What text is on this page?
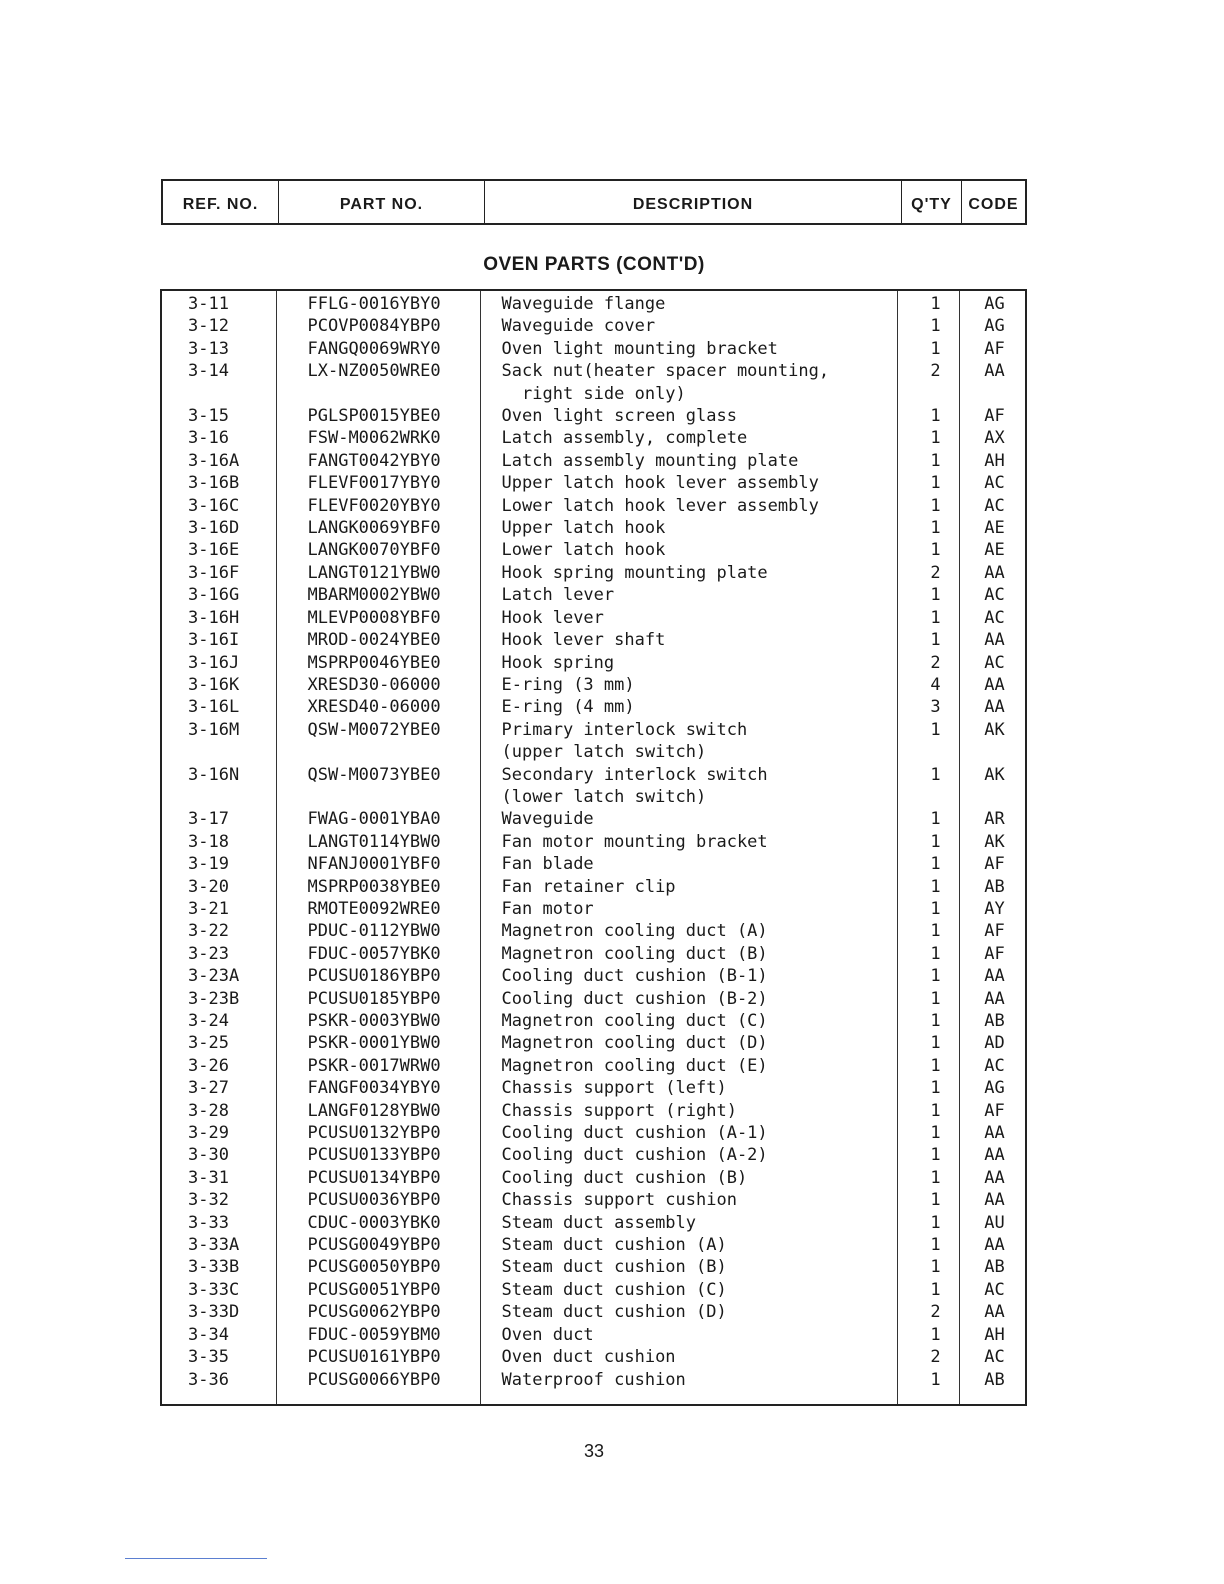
REF. NO.	PART NO.	DESCRIPTION	Q'TY	CODE
OVEN PARTS (CONT'D)
3-11	FFLG-0016YBY0	Waveguide flange	1	AG
3-12	PCOVP0084YBP0	Waveguide cover	1	AG
3-13	FANGQ0069WRY0	Oven light mounting bracket	1	AF
3-14	LX-NZ0050WRE0	Sack nut(heater spacer mounting,	2	AA
right side only)
3-15	PGLSP0015YBE0	Oven light screen glass	1	AF
3-16	FSW-M0062WRK0	Latch assembly, complete	1	AX
3-16A	FANGT0042YBY0	Latch assembly mounting plate	1	AH
3-16B	FLEVF0017YBY0	Upper latch hook lever assembly	1	AC
3-16C	FLEVF0020YBY0	Lower latch hook lever assembly	1	AC
3-16D	LANGK0069YBF0	Upper latch hook	1	AE
3-16E	LANGK0070YBF0	Lower latch hook	1	AE
3-16F	LANGT0121YBW0	Hook spring mounting plate	2	AA
3-16G	MBARM0002YBW0	Latch lever	1	AC
3-16H	MLEVP0008YBF0	Hook lever	1	AC
3-16I	MROD-0024YBE0	Hook lever shaft	1	AA
3-16J	MSPRP0046YBE0	Hook spring	2	AC
3-16K	XRESD30-06000	E-ring (3 mm)	4	AA
3-16L	XRESD40-06000	E-ring (4 mm)	3	AA
3-16M	QSW-M0072YBE0	Primary interlock switch	1	AK
(upper latch switch)
3-16N	QSW-M0073YBE0	Secondary interlock switch	1	AK
(lower latch switch)
3-17	FWAG-0001YBA0	Waveguide	1	AR
3-18	LANGT0114YBW0	Fan motor mounting bracket	1	AK
3-19	NFANJ0001YBF0	Fan blade	1	AF
3-20	MSPRP0038YBE0	Fan retainer clip	1	AB
3-21	RMOTE0092WRE0	Fan motor	1	AY
3-22	PDUC-0112YBW0	Magnetron cooling duct (A)	1	AF
3-23	FDUC-0057YBK0	Magnetron cooling duct (B)	1	AF
3-23A	PCUSU0186YBP0	Cooling duct cushion (B-1)	1	AA
3-23B	PCUSU0185YBP0	Cooling duct cushion (B-2)	1	AA
3-24	PSKR-0003YBW0	Magnetron cooling duct (C)	1	AB
3-25	PSKR-0001YBW0	Magnetron cooling duct (D)	1	AD
3-26	PSKR-0017WRW0	Magnetron cooling duct (E)	1	AC
3-27	FANGF0034YBY0	Chassis support (left)	1	AG
3-28	LANGF0128YBW0	Chassis support (right)	1	AF
3-29	PCUSU0132YBP0	Cooling duct cushion (A-1)	1	AA
3-30	PCUSU0133YBP0	Cooling duct cushion (A-2)	1	AA
3-31	PCUSU0134YBP0	Cooling duct cushion (B)	1	AA
3-32	PCUSU0036YBP0	Chassis support cushion	1	AA
3-33	CDUC-0003YBK0	Steam duct assembly	1	AU
3-33A	PCUSG0049YBP0	Steam duct cushion (A)	1	AA
3-33B	PCUSG0050YBP0	Steam duct cushion (B)	1	AB
3-33C	PCUSG0051YBP0	Steam duct cushion (C)	1	AC
3-33D	PCUSG0062YBP0	Steam duct cushion (D)	2	AA
3-34	FDUC-0059YBM0	Oven duct	1	AH
3-35	PCUSU0161YBP0	Oven duct cushion	2	AC
3-36	PCUSG0066YBP0	Waterproof cushion	1	AB
33
